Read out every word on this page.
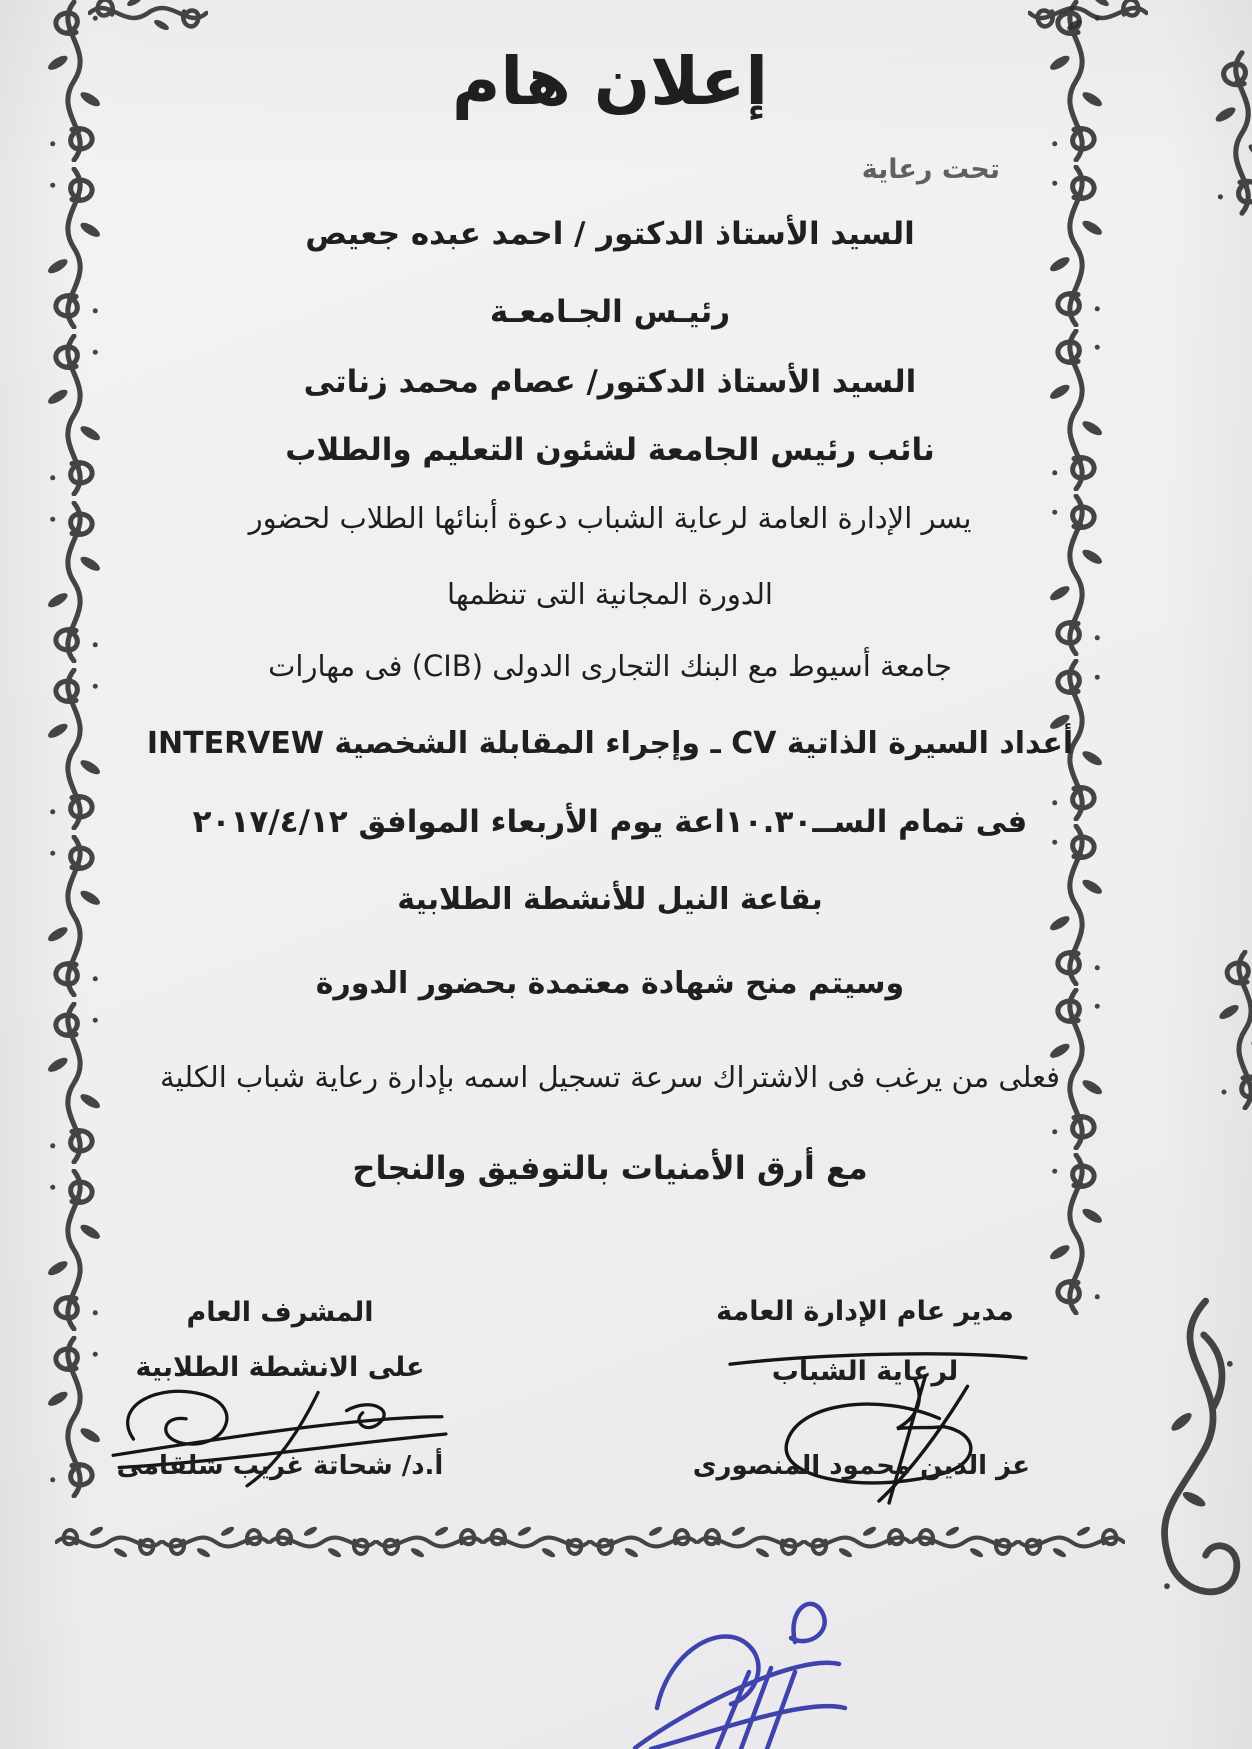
إعلان هام
تحت رعاية
السيد الأستاذ الدكتور / احمد عبده جعيص
رئيـس الجـامعـة
السيد الأستاذ الدكتور/ عصام محمد زناتى
نائب رئيس الجامعة لشئون التعليم والطلاب
يسر الإدارة العامة لرعاية الشباب دعوة أبنائها الطلاب لحضور
الدورة المجانية التى تنظمها
جامعة أسيوط مع البنك التجارى الدولى (CIB) فى مهارات
أعداد السيرة الذاتية CV ـ وإجراء المقابلة الشخصية INTERVEW
فى تمام الســ١٠.٣٠اعة يوم الأربعاء الموافق ٢٠١٧/٤/١٢
بقاعة النيل للأنشطة الطلابية
وسيتم منح شهادة معتمدة بحضور الدورة
فعلى من يرغب فى الاشتراك سرعة تسجيل اسمه بإدارة رعاية شباب الكلية
مع أرق الأمنيات بالتوفيق والنجاح
المشرف العام
على الانشطة الطلابية
أ.د/ شحاتة غريب شلقامى
مدير عام الإدارة العامة
لرعاية الشباب
عز الدين محمود المنصورى
